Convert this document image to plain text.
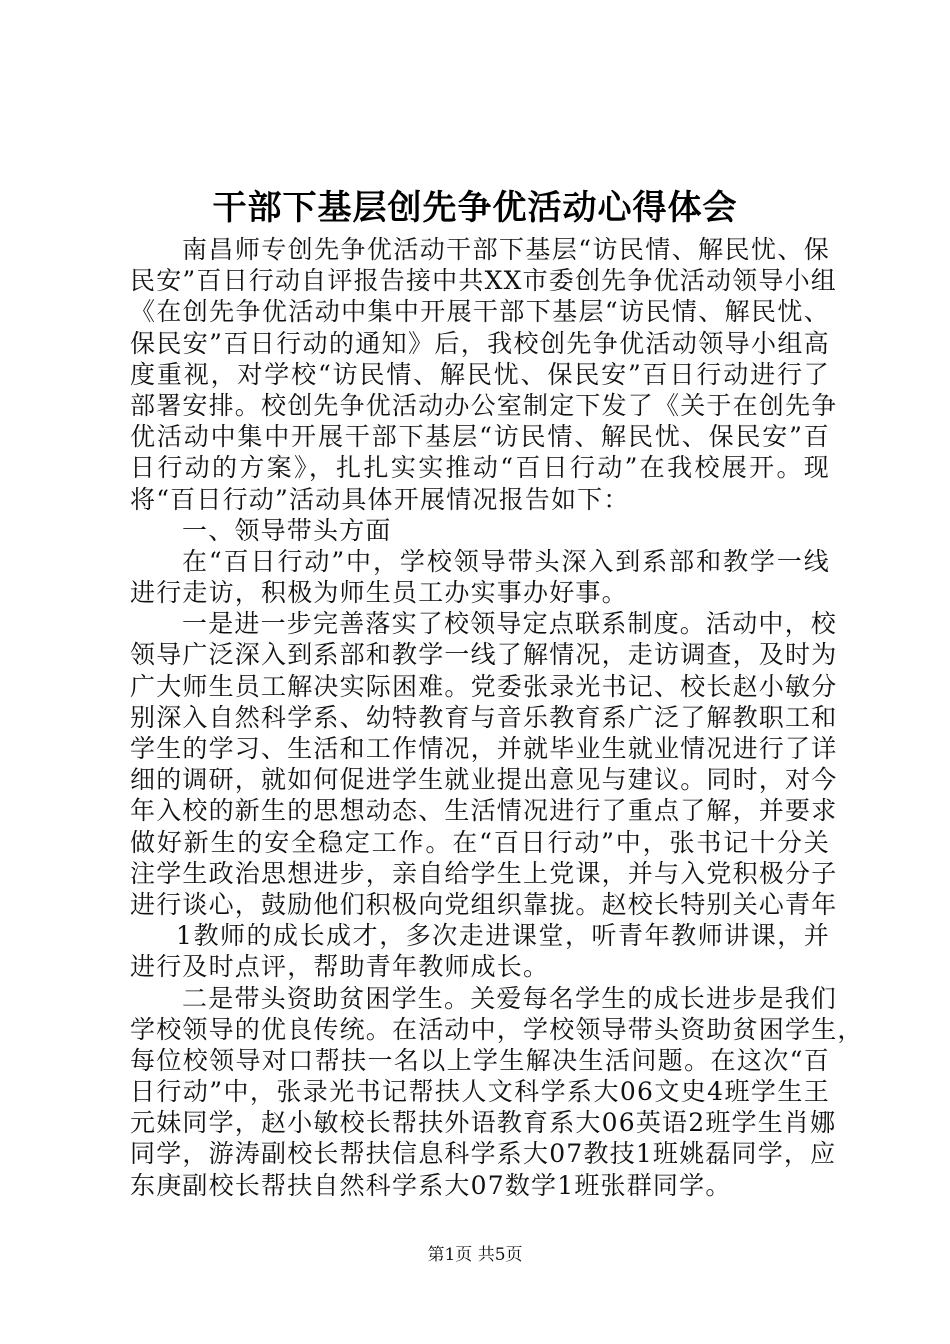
干部下基层创先争优活动心得体会
南昌师专创先争优活动干部下基层“访民情、解民忧、保
民安”百日行动自评报告接中共XX市委创先争优活动领导小组
《在创先争优活动中集中开展干部下基层“访民情、解民忧、
保民安”百日行动的通知》后，我校创先争优活动领导小组高
度重视，对学校“访民情、解民忧、保民安”百日行动进行了
部署安排。校创先争优活动办公室制定下发了《关于在创先争
优活动中集中开展干部下基层“访民情、解民忧、保民安”百
日行动的方案》，扎扎实实推动“百日行动”在我校展开。现
将“百日行动”活动具体开展情况报告如下：
一、领导带头方面
在“百日行动”中，学校领导带头深入到系部和教学一线
进行走访，积极为师生员工办实事办好事。
一是进一步完善落实了校领导定点联系制度。活动中，校
领导广泛深入到系部和教学一线了解情况，走访调查，及时为
广大师生员工解决实际困难。党委张录光书记、校长赵小敏分
别深入自然科学系、幼特教育与音乐教育系广泛了解教职工和
学生的学习、生活和工作情况，并就毕业生就业情况进行了详
细的调研，就如何促进学生就业提出意见与建议。同时，对今
年入校的新生的思想动态、生活情况进行了重点了解，并要求
做好新生的安全稳定工作。在“百日行动”中，张书记十分关
注学生政治思想进步，亲自给学生上党课，并与入党积极分子
进行谈心，鼓励他们积极向党组织靠拢。赵校长特别关心青年
1教师的成长成才，多次走进课堂，听青年教师讲课，并
进行及时点评，帮助青年教师成长。
二是带头资助贫困学生。关爱每名学生的成长进步是我们
学校领导的优良传统。在活动中，学校领导带头资助贫困学生，
每位校领导对口帮扶一名以上学生解决生活问题。在这次“百
日行动”中，张录光书记帮扶人文科学系大06文史4班学生王
元妹同学，赵小敏校长帮扶外语教育系大06英语2班学生肖娜
同学，游涛副校长帮扶信息科学系大07教技1班姚磊同学，应
东庚副校长帮扶自然科学系大07数学1班张群同学。
第1页 共5页
